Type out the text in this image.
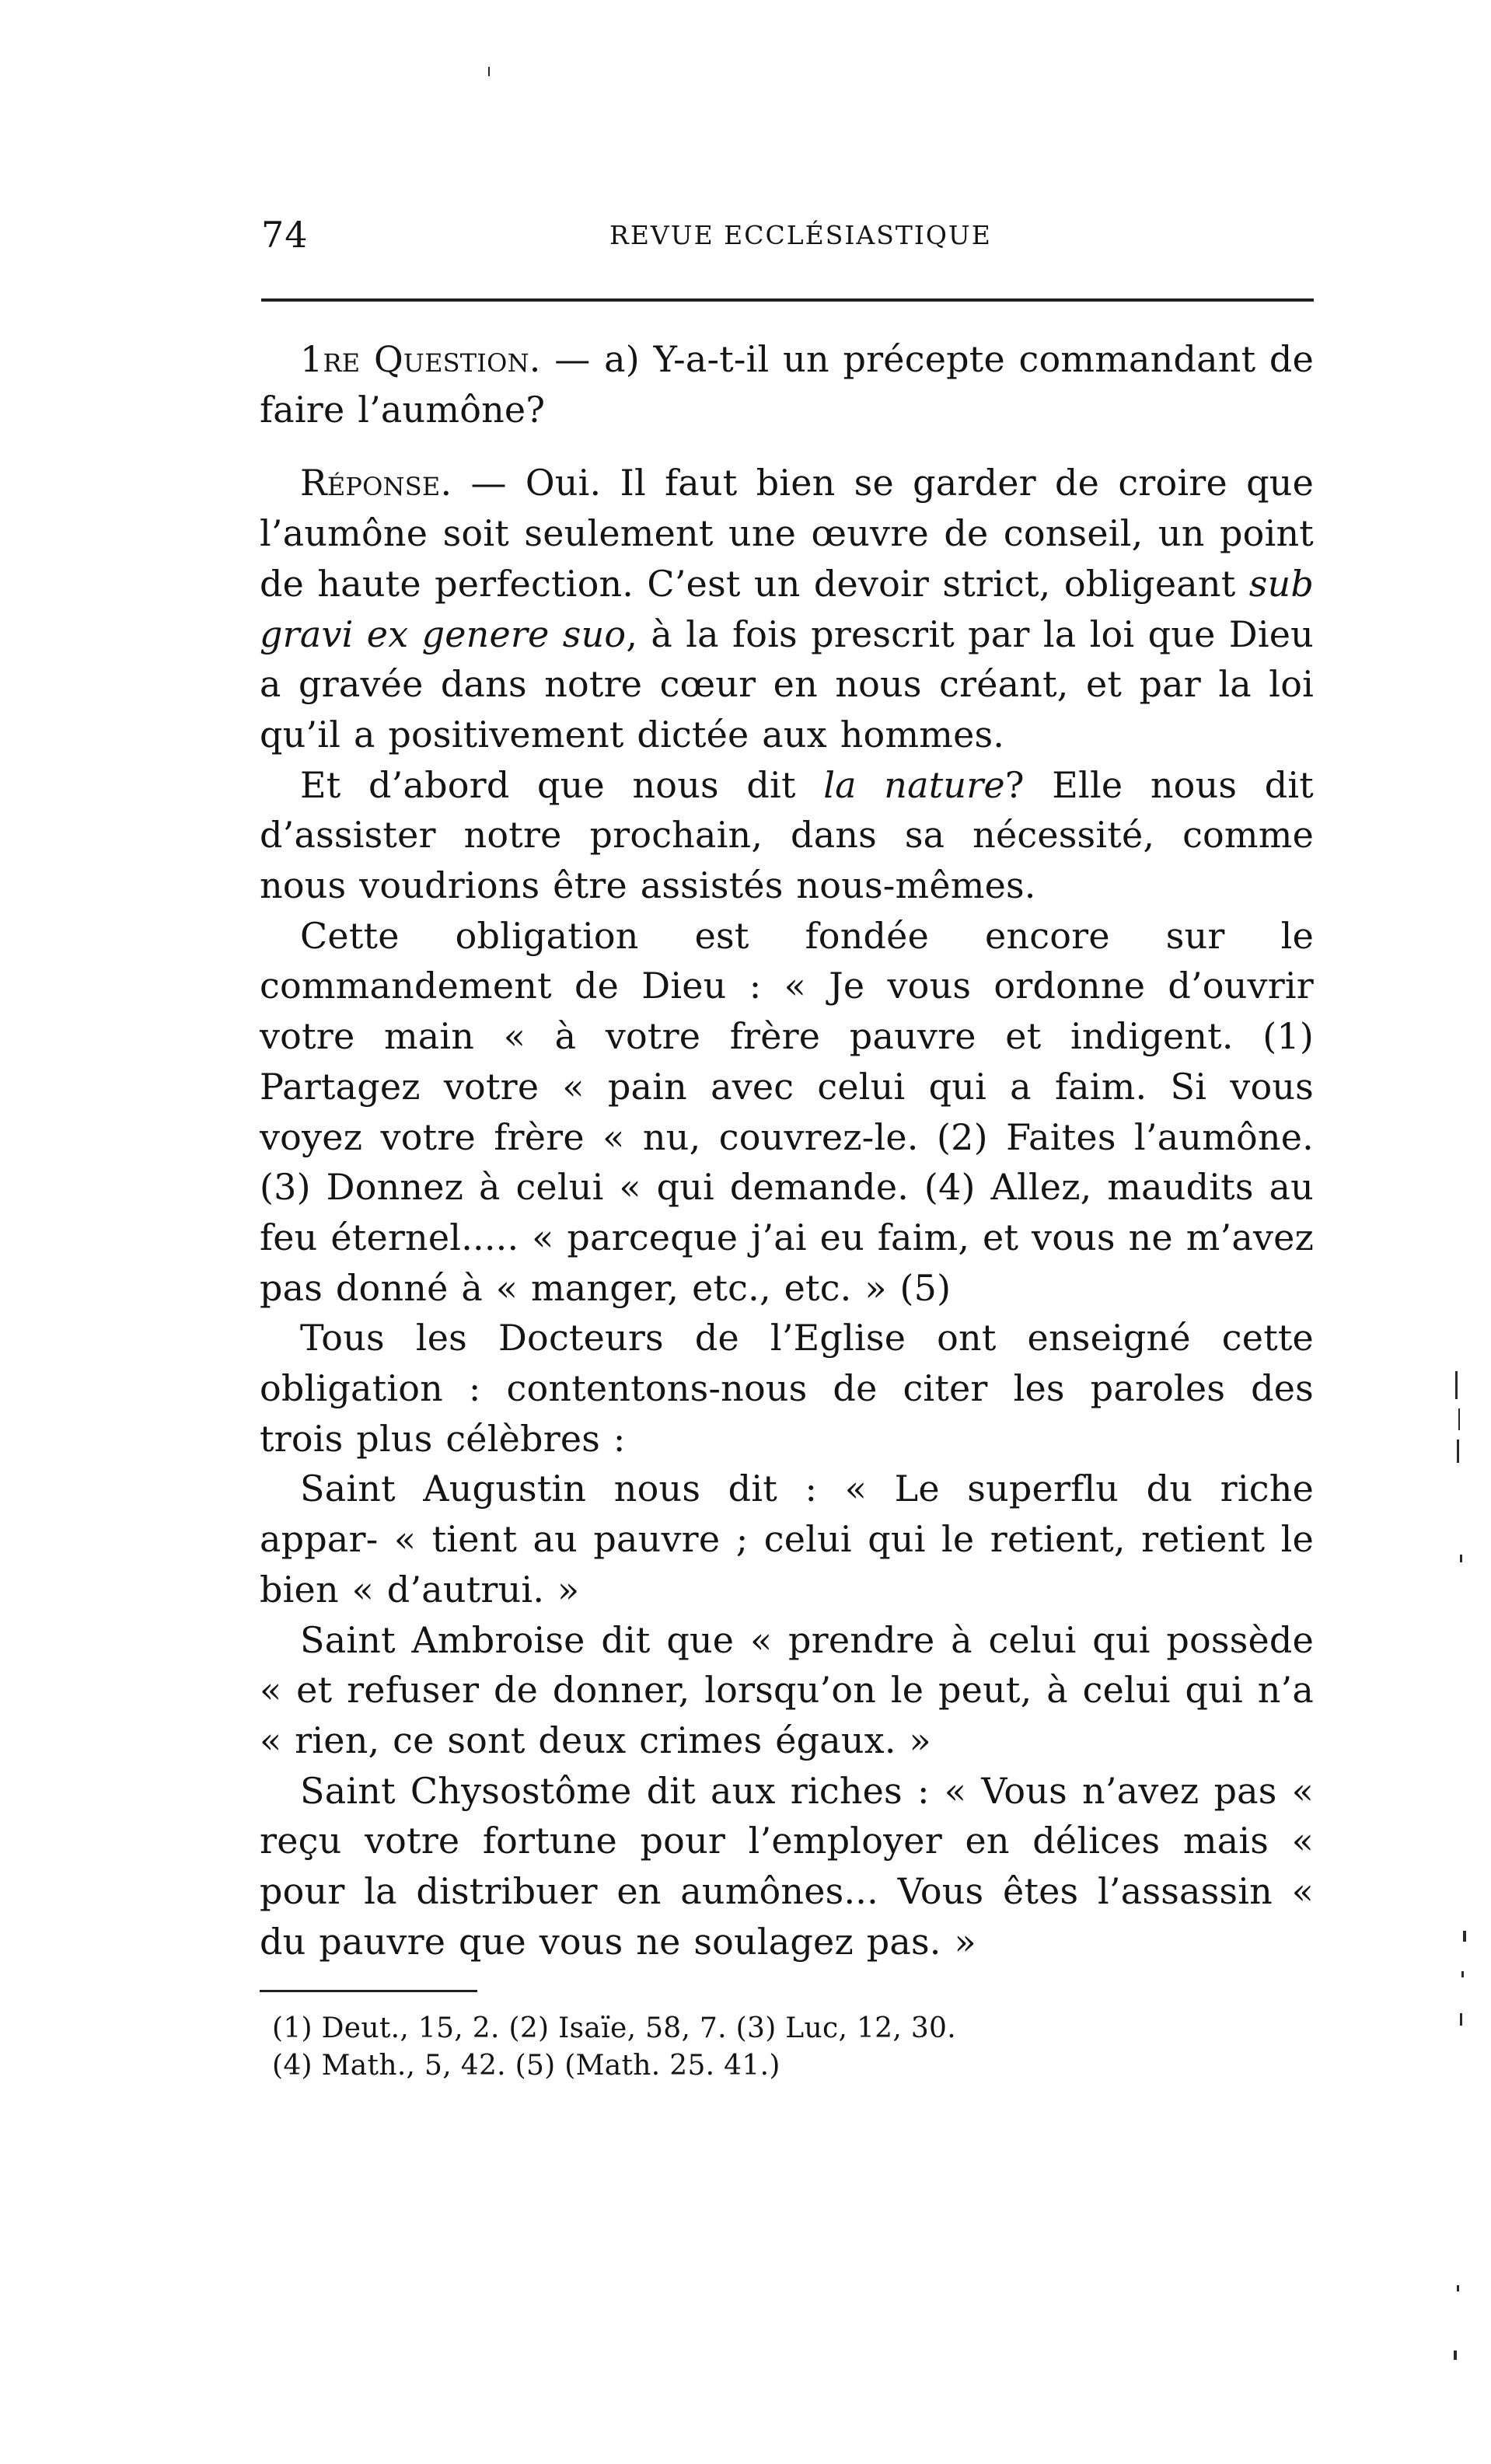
74	REVUE ECCLÉSIASTIQUE

1re Question. — a) Y-a-t-il un précepte commandant de faire l’aumône?

Réponse. — Oui. Il faut bien se garder de croire que l’aumône soit seulement une œuvre de conseil, un point de haute perfection. C’est un devoir strict, obligeant sub gravi ex genere suo, à la fois prescrit par la loi que Dieu a gravée dans notre cœur en nous créant, et par la loi qu’il a positivement dictée aux hommes.

Et d’abord que nous dit la nature? Elle nous dit d’assister notre prochain, dans sa nécessité, comme nous voudrions être assistés nous-mêmes.

Cette obligation est fondée encore sur le commandement de Dieu : « Je vous ordonne d’ouvrir votre main « à votre frère pauvre et indigent. (1) Partagez votre « pain avec celui qui a faim. Si vous voyez votre frère « nu, couvrez-le. (2) Faites l’aumône. (3) Donnez à celui « qui demande. (4) Allez, maudits au feu éternel..... « parceque j’ai eu faim, et vous ne m’avez pas donné à « manger, etc., etc. » (5)

Tous les Docteurs de l’Eglise ont enseigné cette obligation : contentons-nous de citer les paroles des trois plus célèbres :

Saint Augustin nous dit : « Le superflu du riche appar- « tient au pauvre ; celui qui le retient, retient le bien « d’autrui. »

Saint Ambroise dit que « prendre à celui qui possède « et refuser de donner, lorsqu’on le peut, à celui qui n’a « rien, ce sont deux crimes égaux. »

Saint Chysostôme dit aux riches : « Vous n’avez pas « reçu votre fortune pour l’employer en délices mais « pour la distribuer en aumônes... Vous êtes l’assassin « du pauvre que vous ne soulagez pas. »

(1) Deut., 15, 2. (2) Isaïe, 58, 7. (3) Luc, 12, 30.
(4) Math., 5, 42. (5) (Math. 25. 41.)
